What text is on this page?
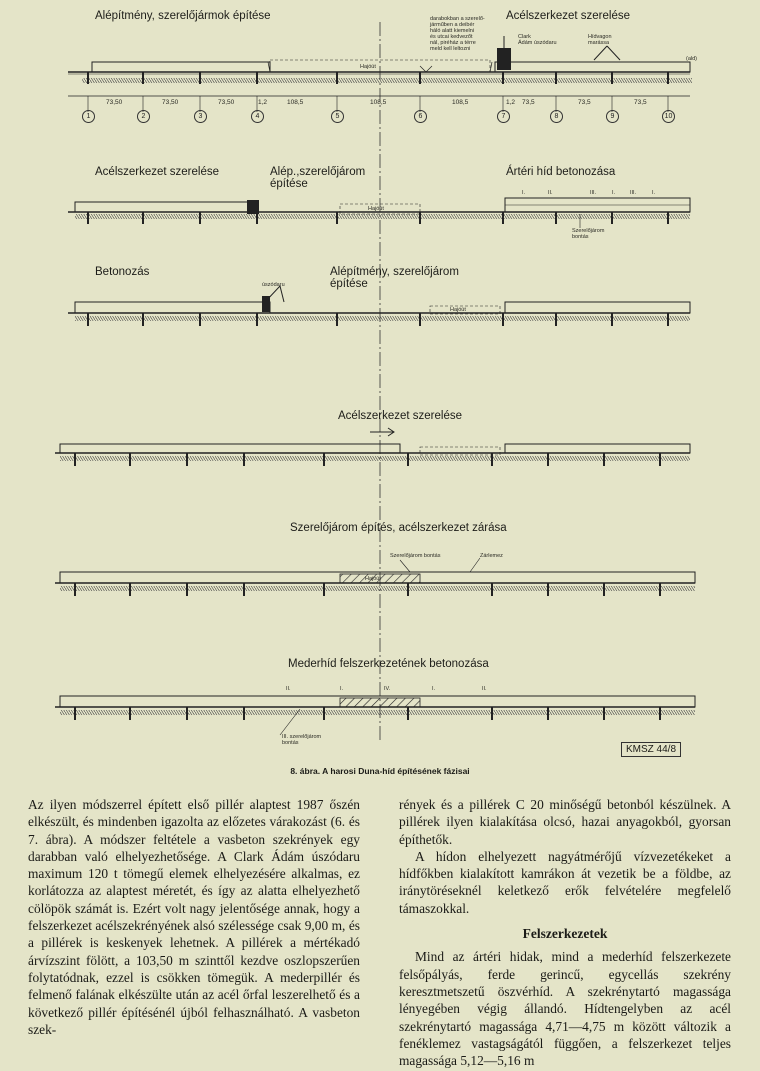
Alépítmény, szerelőjármok építése	Acélszerkezet szerelése
darabokban a szerelő-
járműben a deibér
háló alatt kiemelni
és utcai kedvezőt
nál, piréház a térre
meld kell leltozni
Clark
Ádám úszódaru
Hídvagon
marássa
Hajóút
(ald)
73,50	73,50	73,50	1,2	108,5	108,5	108,5	1,2 73,5	73,5	73,5
1	2	3	4	5	6	7	8	9	10
Acélszerkezet szerelése	Alép.,szerelőjárom
építése
Ártéri híd betonozása
Hajóút
I.	II.	III.	I.	III.	I.
Szerelőjárom
bontás
Betonozás	Alépítmény, szerelőjárom
építése
úszódaru
Hajóút
Acélszerkezet szerelése
Szerelőjárom építés, acélszerkezet zárása
Szerelőjárom bontás	Zárlemez
Hajóút
Mederhíd felszerkezetének betonozása
II.	I.	IV.	I.	II.
III. szerelőjárom
bontás
KMSZ 44/8
8. ábra. A harosi Duna-híd építésének fázisai

Az ilyen módszerrel épített első pillér alaptest 1987 őszén elkészült, és mindenben igazolta az előzetes várakozást (6. és 7. ábra). A módszer feltétele a vasbeton szekrények egy darabban való elhelyezhetősége. A Clark Ádám úszódaru maximum 120 t tömegű elemek elhelyezésére alkalmas, ez korlátozza az alaptest méretét, és így az alatta elhelyezhető cölöpök számát is. Ezért volt nagy jelentősége annak, hogy a felszerkezet acélszekrényének alsó szélessége csak 9,00 m, és a pillérek is keskenyek lehetnek. A pillérek a mértékadó árvízszint fölött, a 103,50 m szinttől kezdve oszlopszerűen folytatódnak, ezzel is csökken tömegük. A mederpillér és felmenő falának elkészülte után az acél őrfal leszerelhető és a következő pillér építésénél újból felhasználható. A vasbeton szek-

rények és a pillérek C 20 minőségű betonból készülnek. A pillérek ilyen kialakítása olcsó, hazai anyagokból, gyorsan építhetők.

A hídon elhelyezett nagyátmérőjű vízvezetékeket a hídfőkben kialakított kamrákon át vezetik be a földbe, az iránytöréseknél keletkező erők felvételére megfelelő támaszokkal.

Felszerkezetek

Mind az ártéri hidak, mind a mederhíd felszerkezete felsőpályás, ferde gerincű, egycellás szekrény keresztmetszetű öszvérhíd. A szekrénytartó magassága lényegében végig állandó. Hídtengelyben az acél szekrénytartó magassága 4,71—4,75 m között változik a fenéklemez vastagságától függően, a felszerkezet teljes magassága 5,12—5,16 m
